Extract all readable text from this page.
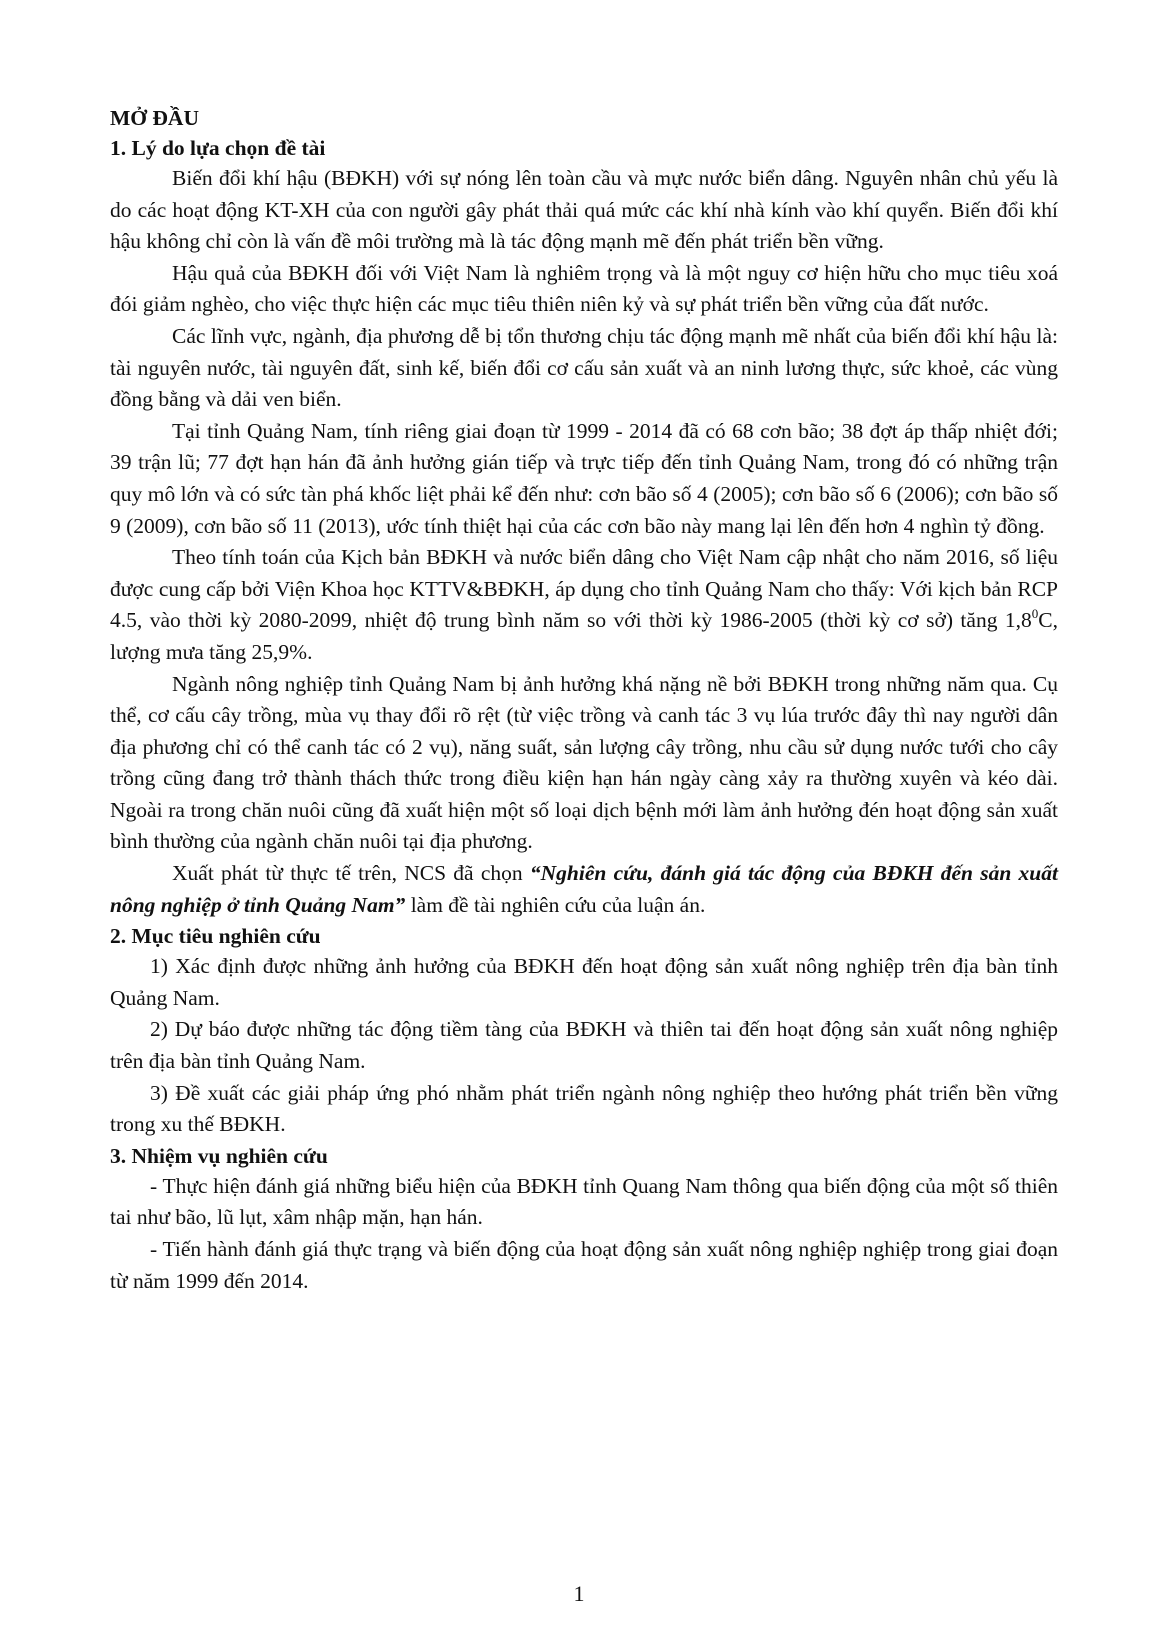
MỞ ĐẦU

1. Lý do lựa chọn đề tài

Biến đổi khí hậu (BĐKH) với sự nóng lên toàn cầu và mực nước biển dâng. Nguyên nhân chủ yếu là do các hoạt động KT-XH của con người gây phát thải quá mức các khí nhà kính vào khí quyển. Biến đổi khí hậu không chỉ còn là vấn đề môi trường mà là tác động mạnh mẽ đến phát triển bền vững.

Hậu quả của BĐKH đối với Việt Nam là nghiêm trọng và là một nguy cơ hiện hữu cho mục tiêu xoá đói giảm nghèo, cho việc thực hiện các mục tiêu thiên niên kỷ và sự phát triển bền vững của đất nước.

Các lĩnh vực, ngành, địa phương dễ bị tổn thương chịu tác động mạnh mẽ nhất của biến đổi khí hậu là: tài nguyên nước, tài nguyên đất, sinh kế, biến đổi cơ cấu sản xuất và an ninh lương thực, sức khoẻ, các vùng đồng bằng và dải ven biển.

Tại tỉnh Quảng Nam, tính riêng giai đoạn từ 1999 - 2014 đã có 68 cơn bão; 38 đợt áp thấp nhiệt đới; 39 trận lũ; 77 đợt hạn hán đã ảnh hưởng gián tiếp và trực tiếp đến tỉnh Quảng Nam, trong đó có những trận quy mô lớn và có sức tàn phá khốc liệt phải kể đến như: cơn bão số 4 (2005); cơn bão số 6 (2006); cơn bão số 9 (2009), cơn bão số 11 (2013), ước tính thiệt hại của các cơn bão này mang lại lên đến hơn 4 nghìn tỷ đồng.

Theo tính toán của Kịch bản BĐKH và nước biển dâng cho Việt Nam cập nhật cho năm 2016, số liệu được cung cấp bởi Viện Khoa học KTTV&BĐKH, áp dụng cho tỉnh Quảng Nam cho thấy: Với kịch bản RCP 4.5, vào thời kỳ 2080-2099, nhiệt độ trung bình năm so với thời kỳ 1986-2005 (thời kỳ cơ sở) tăng $1,8^0C$, lượng mưa tăng 25,9%.

Ngành nông nghiệp tỉnh Quảng Nam bị ảnh hưởng khá nặng nề bởi BĐKH trong những năm qua. Cụ thể, cơ cấu cây trồng, mùa vụ thay đổi rõ rệt (từ việc trồng và canh tác 3 vụ lúa trước đây thì nay người dân địa phương chỉ có thể canh tác có 2 vụ), năng suất, sản lượng cây trồng, nhu cầu sử dụng nước tưới cho cây trồng cũng đang trở thành thách thức trong điều kiện hạn hán ngày càng xảy ra thường xuyên và kéo dài. Ngoài ra trong chăn nuôi cũng đã xuất hiện một số loại dịch bệnh mới làm ảnh hưởng đén hoạt động sản xuất bình thường của ngành chăn nuôi tại địa phương.

Xuất phát từ thực tế trên, NCS đã chọn “Nghiên cứu, đánh giá tác động của BĐKH đến sản xuất nông nghiệp ở tỉnh Quảng Nam” làm đề tài nghiên cứu của luận án.

2. Mục tiêu nghiên cứu

1) Xác định được những ảnh hưởng của BĐKH đến hoạt động sản xuất nông nghiệp trên địa bàn tỉnh Quảng Nam.

2) Dự báo được những tác động tiềm tàng của BĐKH và thiên tai đến hoạt động sản xuất nông nghiệp trên địa bàn tỉnh Quảng Nam.

3) Đề xuất các giải pháp ứng phó nhằm phát triển ngành nông nghiệp theo hướng phát triển bền vững trong xu thế BĐKH.

3. Nhiệm vụ nghiên cứu

- Thực hiện đánh giá những biểu hiện của BĐKH tỉnh Quang Nam thông qua biến động của một số thiên tai như bão, lũ lụt, xâm nhập mặn, hạn hán.

- Tiến hành đánh giá thực trạng và biến động của hoạt động sản xuất nông nghiệp nghiệp trong giai đoạn từ năm 1999 đến 2014.

1
